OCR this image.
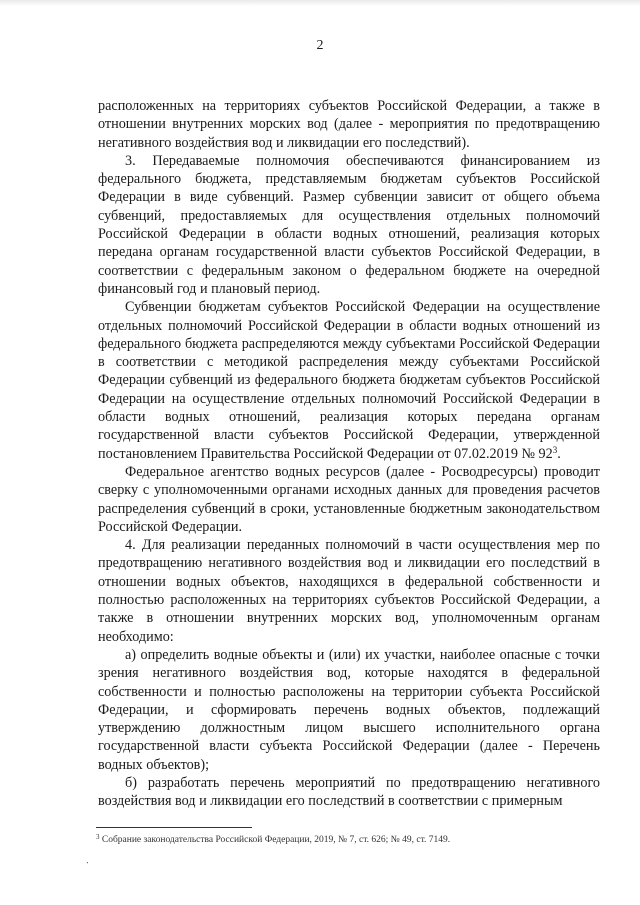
2

расположенных на территориях субъектов Российской Федерации, а также в отношении внутренних морских вод (далее - мероприятия по предотвращению негативного воздействия вод и ликвидации его последствий).

3. Передаваемые полномочия обеспечиваются финансированием из федерального бюджета, представляемым бюджетам субъектов Российской Федерации в виде субвенций. Размер субвенции зависит от общего объема субвенций, предоставляемых для осуществления отдельных полномочий Российской Федерации в области водных отношений, реализация которых передана органам государственной власти субъектов Российской Федерации, в соответствии с федеральным законом о федеральном бюджете на очередной финансовый год и плановый период.

Субвенции бюджетам субъектов Российской Федерации на осуществление отдельных полномочий Российской Федерации в области водных отношений из федерального бюджета распределяются между субъектами Российской Федерации в соответствии с методикой распределения между субъектами Российской Федерации субвенций из федерального бюджета бюджетам субъектов Российской Федерации на осуществление отдельных полномочий Российской Федерации в области водных отношений, реализация которых передана органам государственной власти субъектов Российской Федерации, утвержденной постановлением Правительства Российской Федерации от 07.02.2019 № $92^3$.

Федеральное агентство водных ресурсов (далее - Росводресурсы) проводит сверку с уполномоченными органами исходных данных для проведения расчетов распределения субвенций в сроки, установленные бюджетным законодательством Российской Федерации.

4. Для реализации переданных полномочий в части осуществления мер по предотвращению негативного воздействия вод и ликвидации его последствий в отношении водных объектов, находящихся в федеральной собственности и полностью расположенных на территориях субъектов Российской Федерации, а также в отношении внутренних морских вод, уполномоченным органам необходимо:

а) определить водные объекты и (или) их участки, наиболее опасные с точки зрения негативного воздействия вод, которые находятся в федеральной собственности и полностью расположены на территории субъекта Российской Федерации, и сформировать перечень водных объектов, подлежащий утверждению должностным лицом высшего исполнительного органа государственной власти субъекта Российской Федерации (далее - Перечень водных объектов);

б) разработать перечень мероприятий по предотвращению негативного воздействия вод и ликвидации его последствий в соответствии с примерным

$^3$ Собрание законодательства Российской Федерации, 2019, № 7, ст. 626; № 49, ст. 7149.
·
